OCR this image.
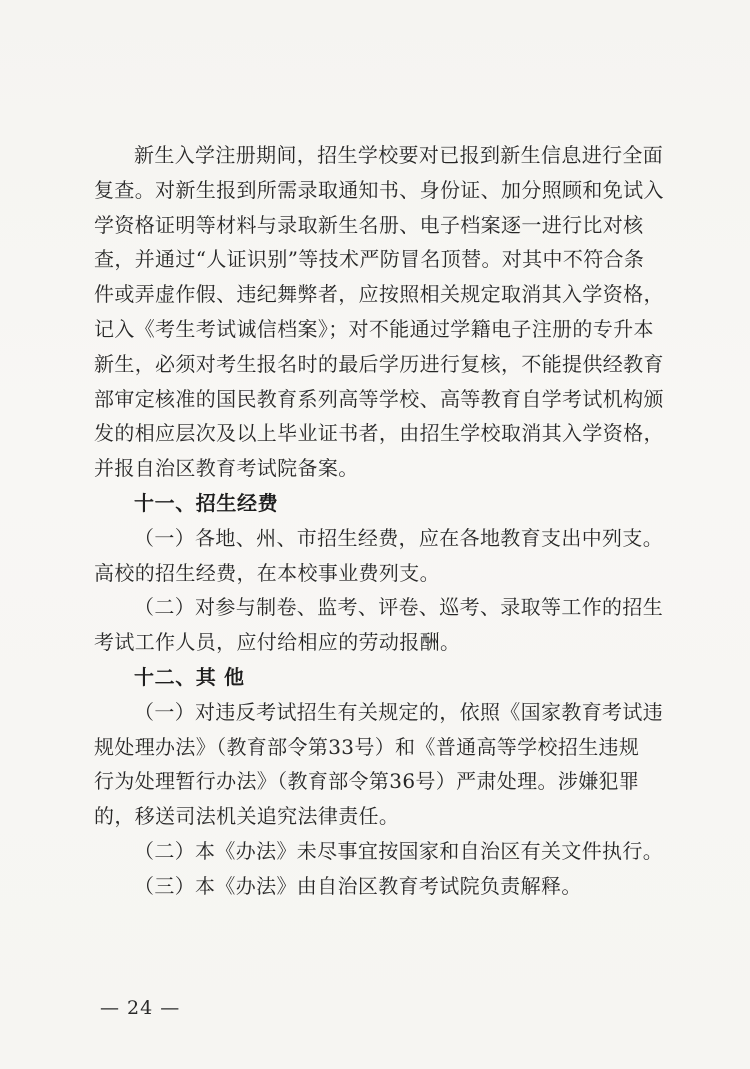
新生入学注册期间，招生学校要对已报到新生信息进行全面
复查。对新生报到所需录取通知书、身份证、加分照顾和免试入
学资格证明等材料与录取新生名册、电子档案逐一进行比对核
查，并通过“人证识别”等技术严防冒名顶替。对其中不符合条
件或弄虚作假、违纪舞弊者，应按照相关规定取消其入学资格，
记入《考生考试诚信档案》；对不能通过学籍电子注册的专升本
新生，必须对考生报名时的最后学历进行复核，不能提供经教育
部审定核准的国民教育系列高等学校、高等教育自学考试机构颁
发的相应层次及以上毕业证书者，由招生学校取消其入学资格，
并报自治区教育考试院备案。
十一、招生经费
（一）各地、州、市招生经费，应在各地教育支出中列支。
高校的招生经费，在本校事业费列支。
（二）对参与制卷、监考、评卷、巡考、录取等工作的招生
考试工作人员，应付给相应的劳动报酬。
十二、其 他
（一）对违反考试招生有关规定的，依照《国家教育考试违
规处理办法》（教育部令第33号）和《普通高等学校招生违规
行为处理暂行办法》（教育部令第36号）严肃处理。涉嫌犯罪
的，移送司法机关追究法律责任。
（二）本《办法》未尽事宜按国家和自治区有关文件执行。
（三）本《办法》由自治区教育考试院负责解释。
— 24 —
